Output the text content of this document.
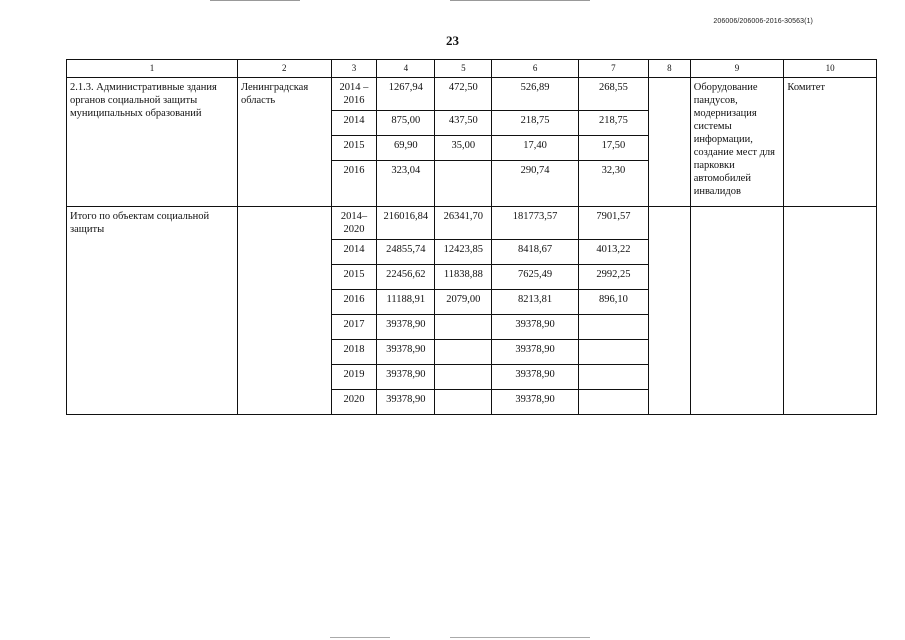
206006/206006-2016-30563(1)
23
1	2	3	4	5	6	7	8	9	10
2.1.3. Административные здания органов социальной защиты муниципальных образований	Ленинградская область	2014 – 2016	1267,94	472,50	526,89	268,55		Оборудование пандусов, модернизация системы информации, создание мест для парковки автомобилей инвалидов	Комитет
		2014	875,00	437,50	218,75	218,75			
		2015	69,90	35,00	17,40	17,50			
		2016	323,04		290,74	32,30			
Итого по объектам социальной защиты		2014– 2020	216016,84	26341,70	181773,57	7901,57			
		2014	24855,74	12423,85	8418,67	4013,22			
		2015	22456,62	11838,88	7625,49	2992,25			
		2016	11188,91	2079,00	8213,81	896,10			
		2017	39378,90		39378,90				
		2018	39378,90		39378,90				
		2019	39378,90		39378,90				
		2020	39378,90		39378,90				
